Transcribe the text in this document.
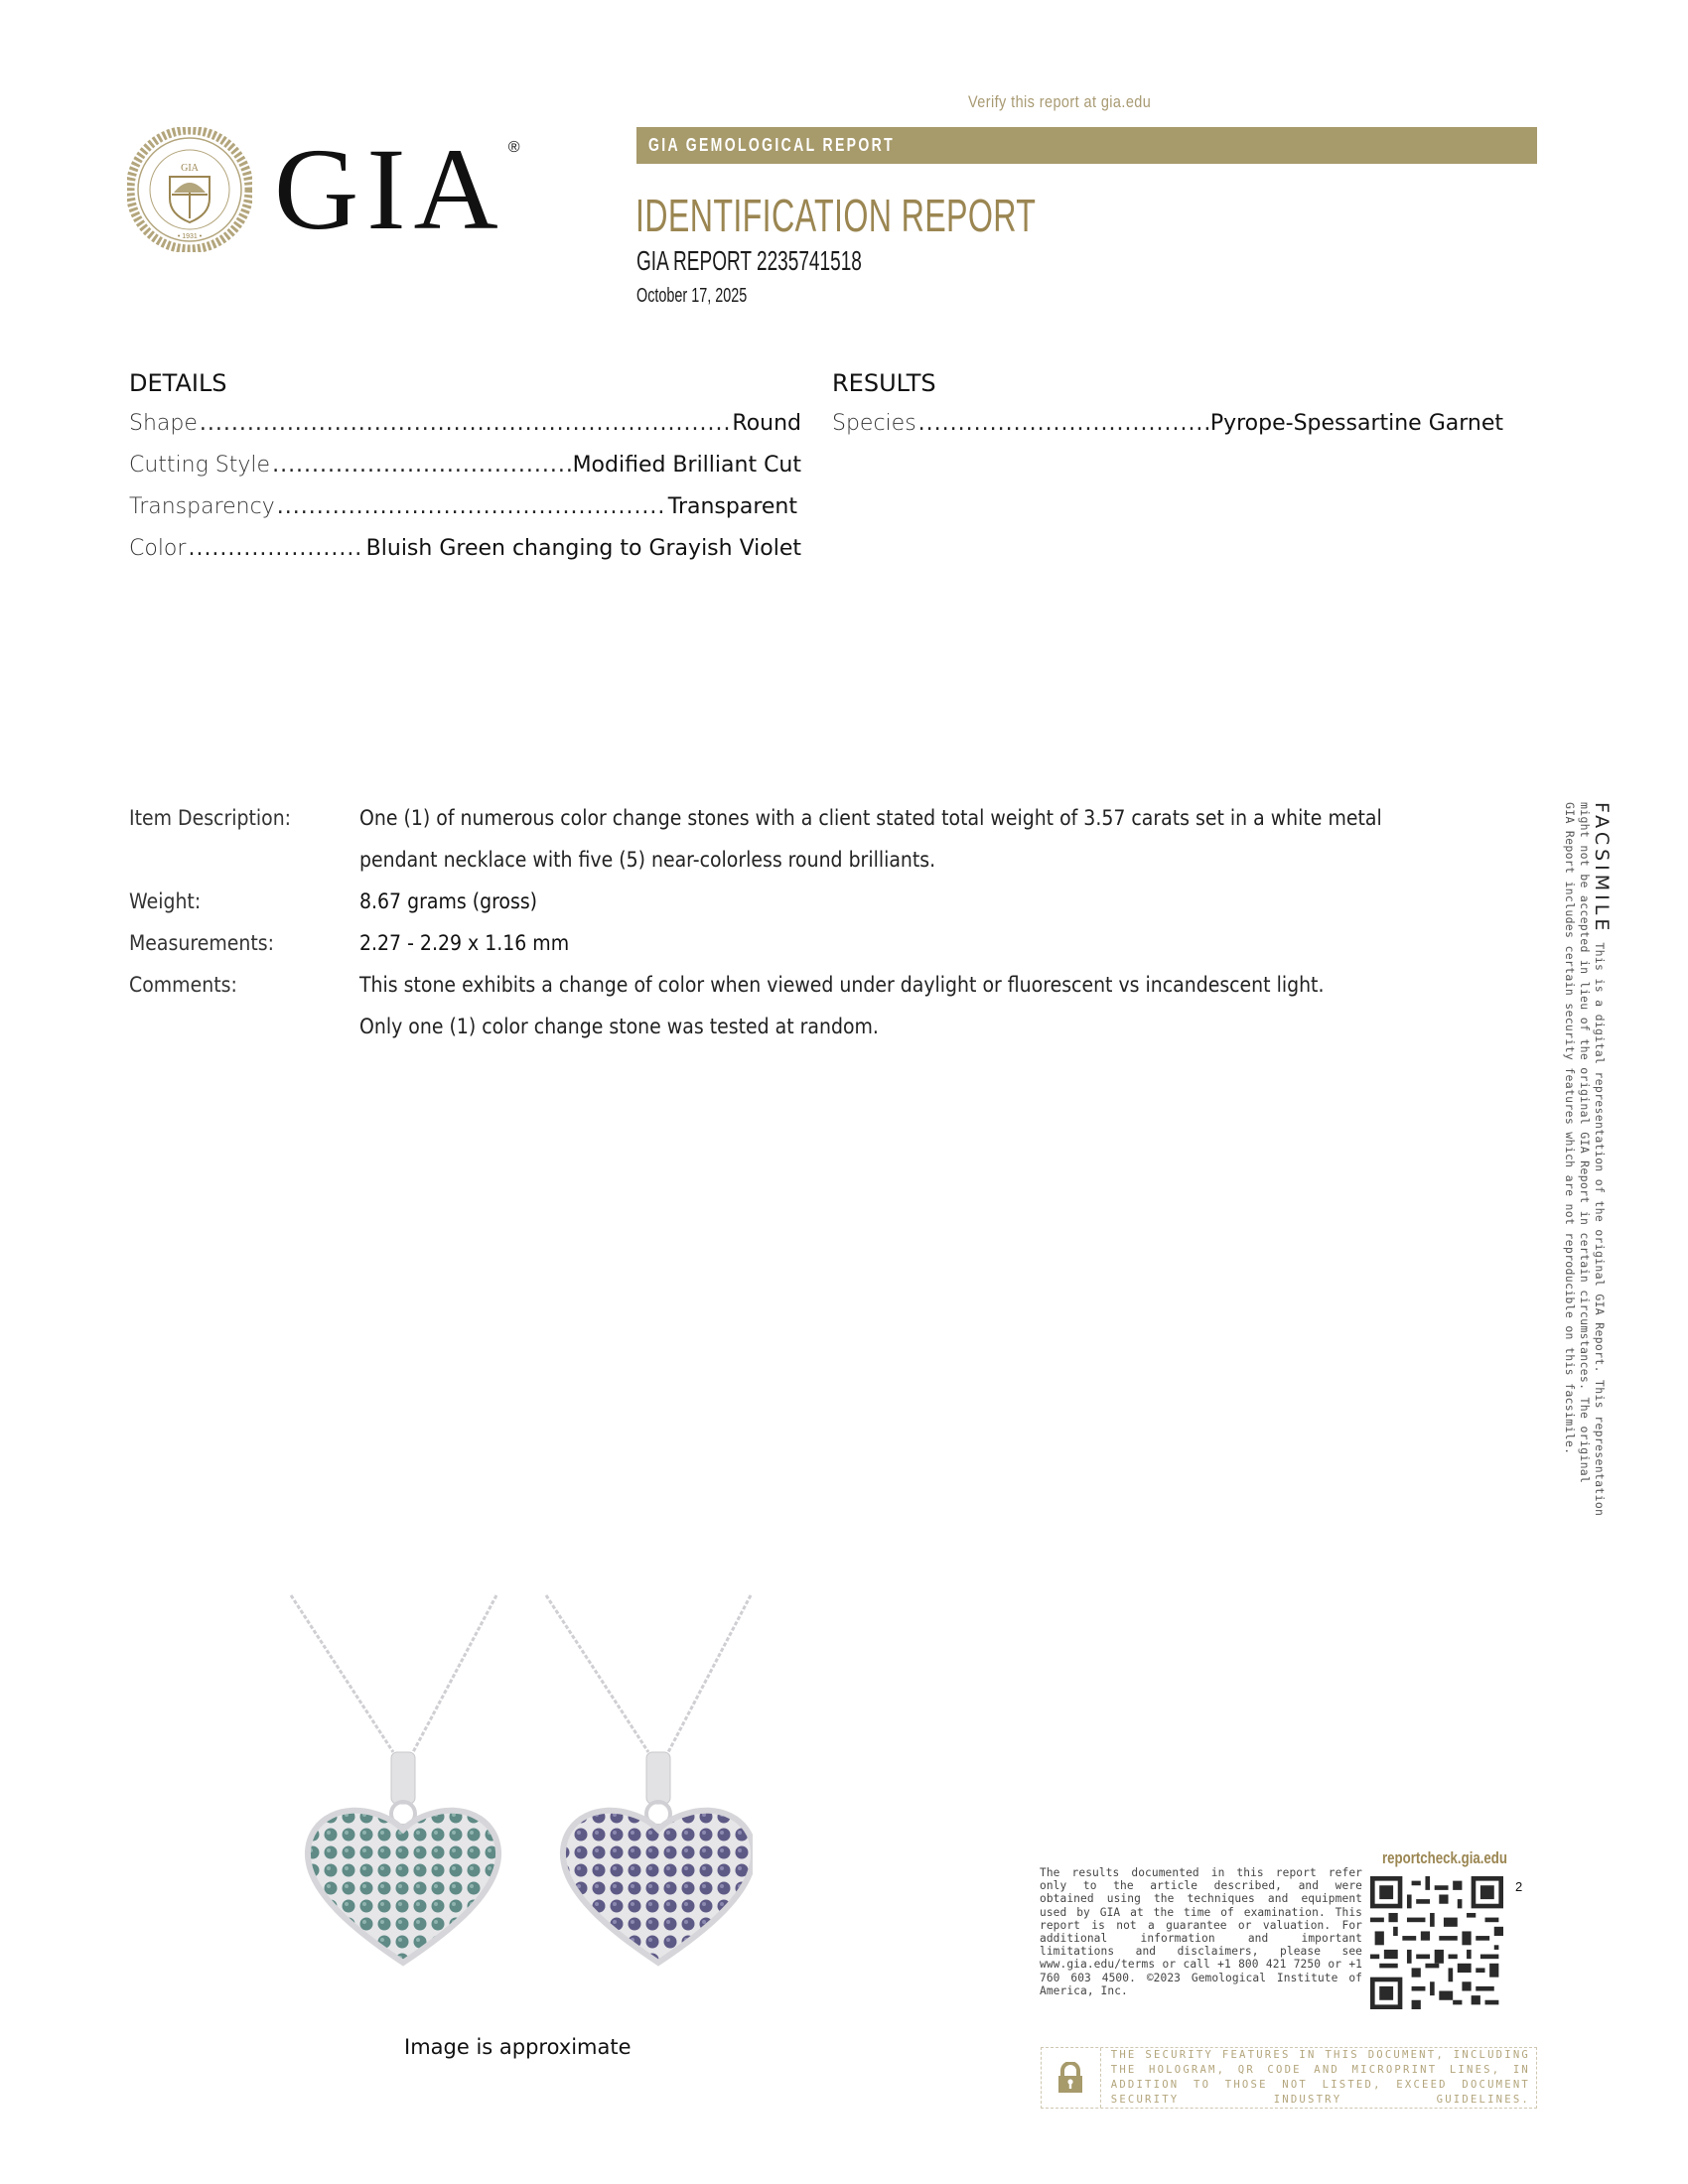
GIA
• 1931 • GIA ®
Verify this report at gia.edu
GIA GEMOLOGICAL REPORT
IDENTIFICATION REPORT
GIA REPORT 2235741518
October 17, 2025
DETAILS
Shape .....	Round
Cutting Style .....	Modified Brilliant Cut
Transparency .....	Transparent
Color .....	Bluish Green changing to Grayish Violet
RESULTS
Species .....	Pyrope-Spessartine Garnet
Item Description:	One (1) of numerous color change stones with a client stated total weight of 3.57 carats set in a white metal
pendant necklace with five (5) near-colorless round brilliants.
Weight:	8.67 grams (gross)
Measurements:	2.27 - 2.29 x 1.16 mm
Comments:	This stone exhibits a change of color when viewed under daylight or fluorescent vs incandescent light.
Only one (1) color change stone was tested at random.
FACSIMILEThis is a digital representation of the original GIA Report. This representation
might not be accepted in lieu of the original GIA Report in certain circumstances. The original
GIA Report includes certain security features which are not reproducible on this facsimile.
Image is approximate
reportcheck.gia.edu
The results documented in this report refer only to the article described, and were obtained using the techniques and equipment used by GIA at the time of examination. This report is not a guarantee or valuation. For additional information and important limitations and disclaimers, please see www.gia.edu/terms or call +1 800 421 7250 or +1 760 603 4500. ©2023 Gemological Institute of America, Inc.
2
THE SECURITY FEATURES IN THIS DOCUMENT, INCLUDING THE HOLOGRAM, QR CODE AND MICROPRINT LINES, IN ADDITION TO THOSE NOT LISTED, EXCEED DOCUMENT SECURITY INDUSTRY GUIDELINES.
